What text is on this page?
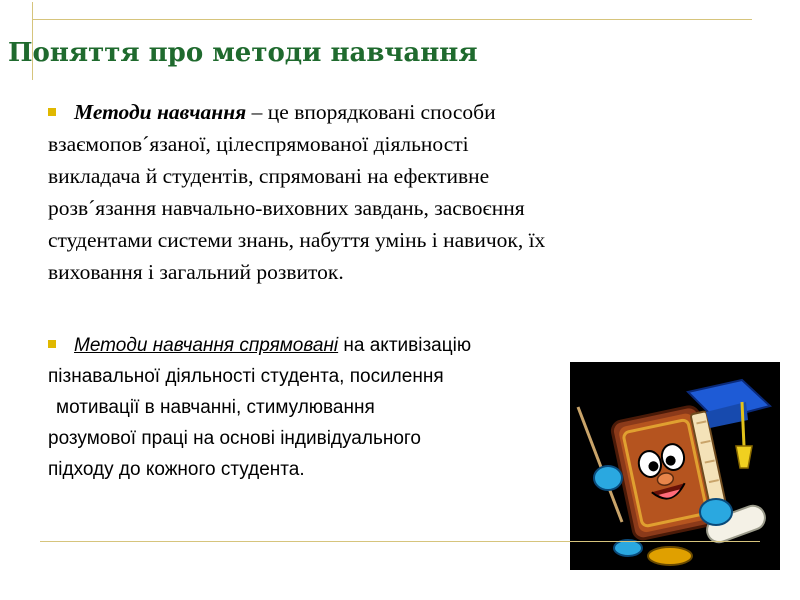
Поняття про методи навчання

Методи навчання – це впорядковані способи
взаємопов´язаної, цілеспрямованої діяльності
викладача й студентів, спрямовані на ефективне
розв´язання навчально-виховних завдань, засвоєння
студентами системи знань, набуття умінь і навичок, їх
виховання і загальний розвиток.

Методи навчання спрямовані на активізацію
пізнавальної діяльності студента, посилення
мотивації в навчанні, стимулювання
розумової праці на основі індивідуального
підходу до кожного студента.
